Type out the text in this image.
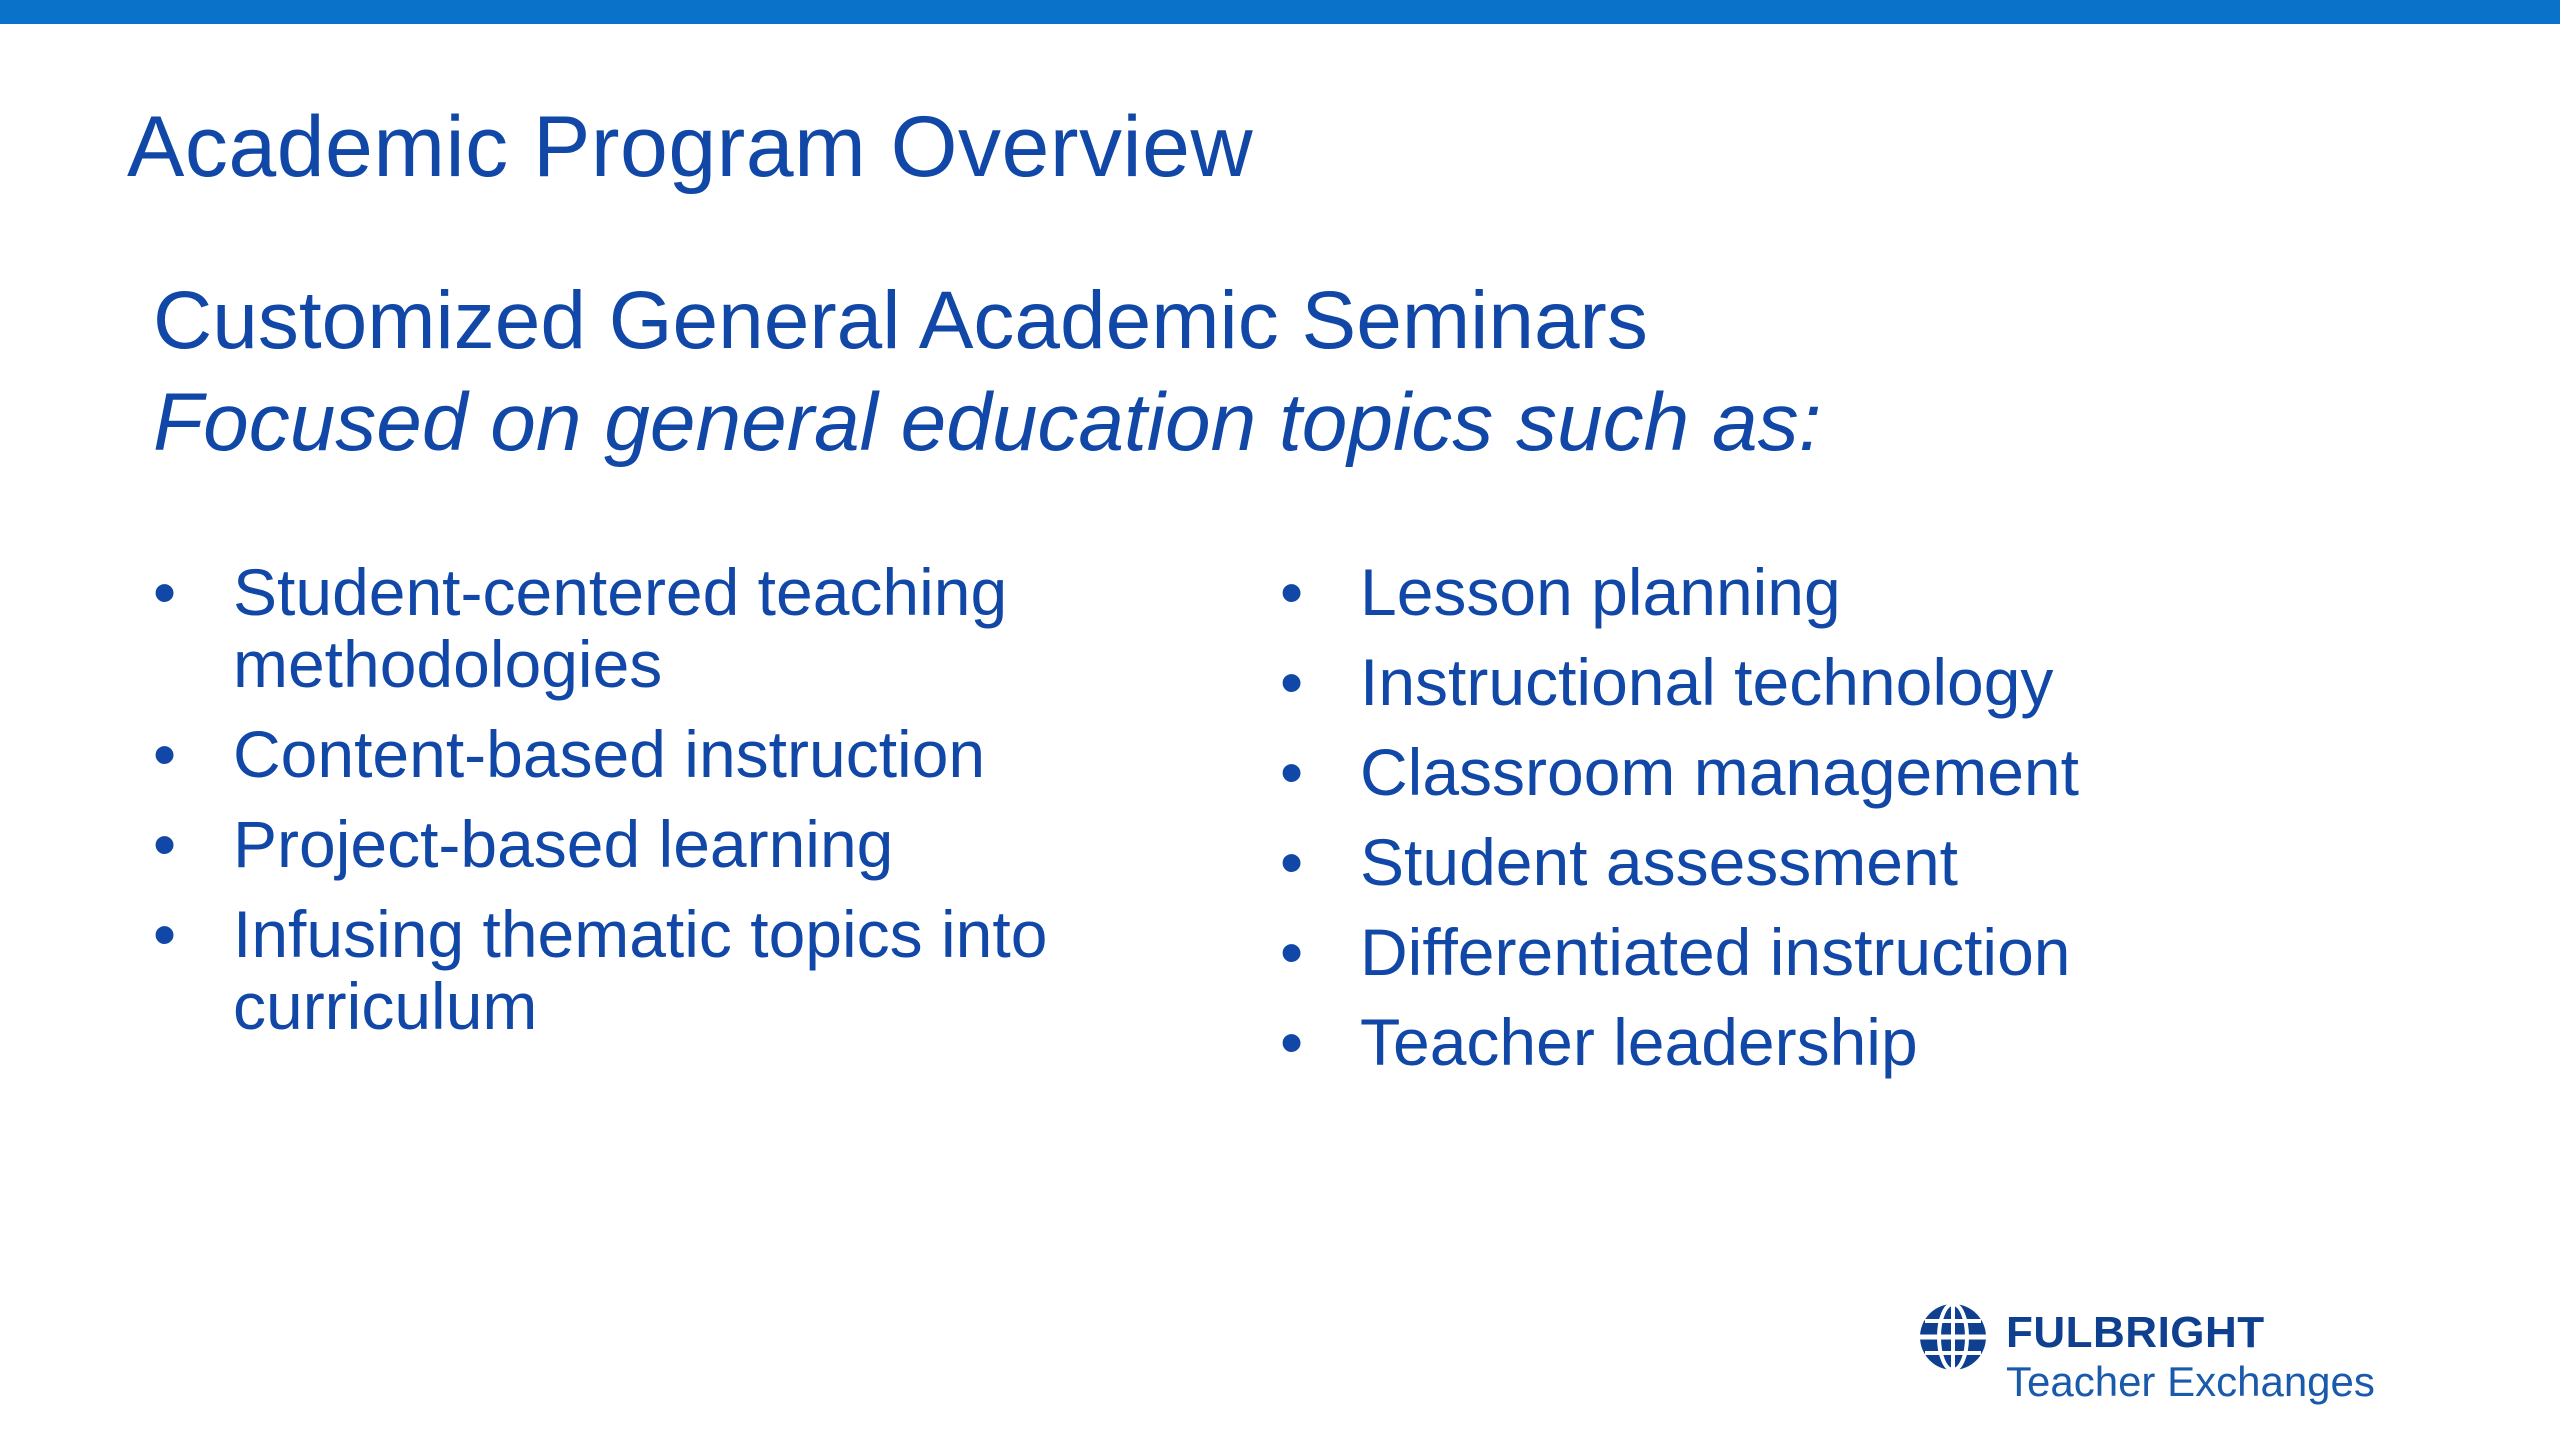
Academic Program Overview
Customized General Academic Seminars
Focused on general education topics such as:
• Student-centered teaching methodologies
• Content-based instruction
• Project-based learning
• Infusing thematic topics into curriculum
• Lesson planning
• Instructional technology
• Classroom management
• Student assessment
• Differentiated instruction
• Teacher leadership
FULBRIGHT
Teacher Exchanges
